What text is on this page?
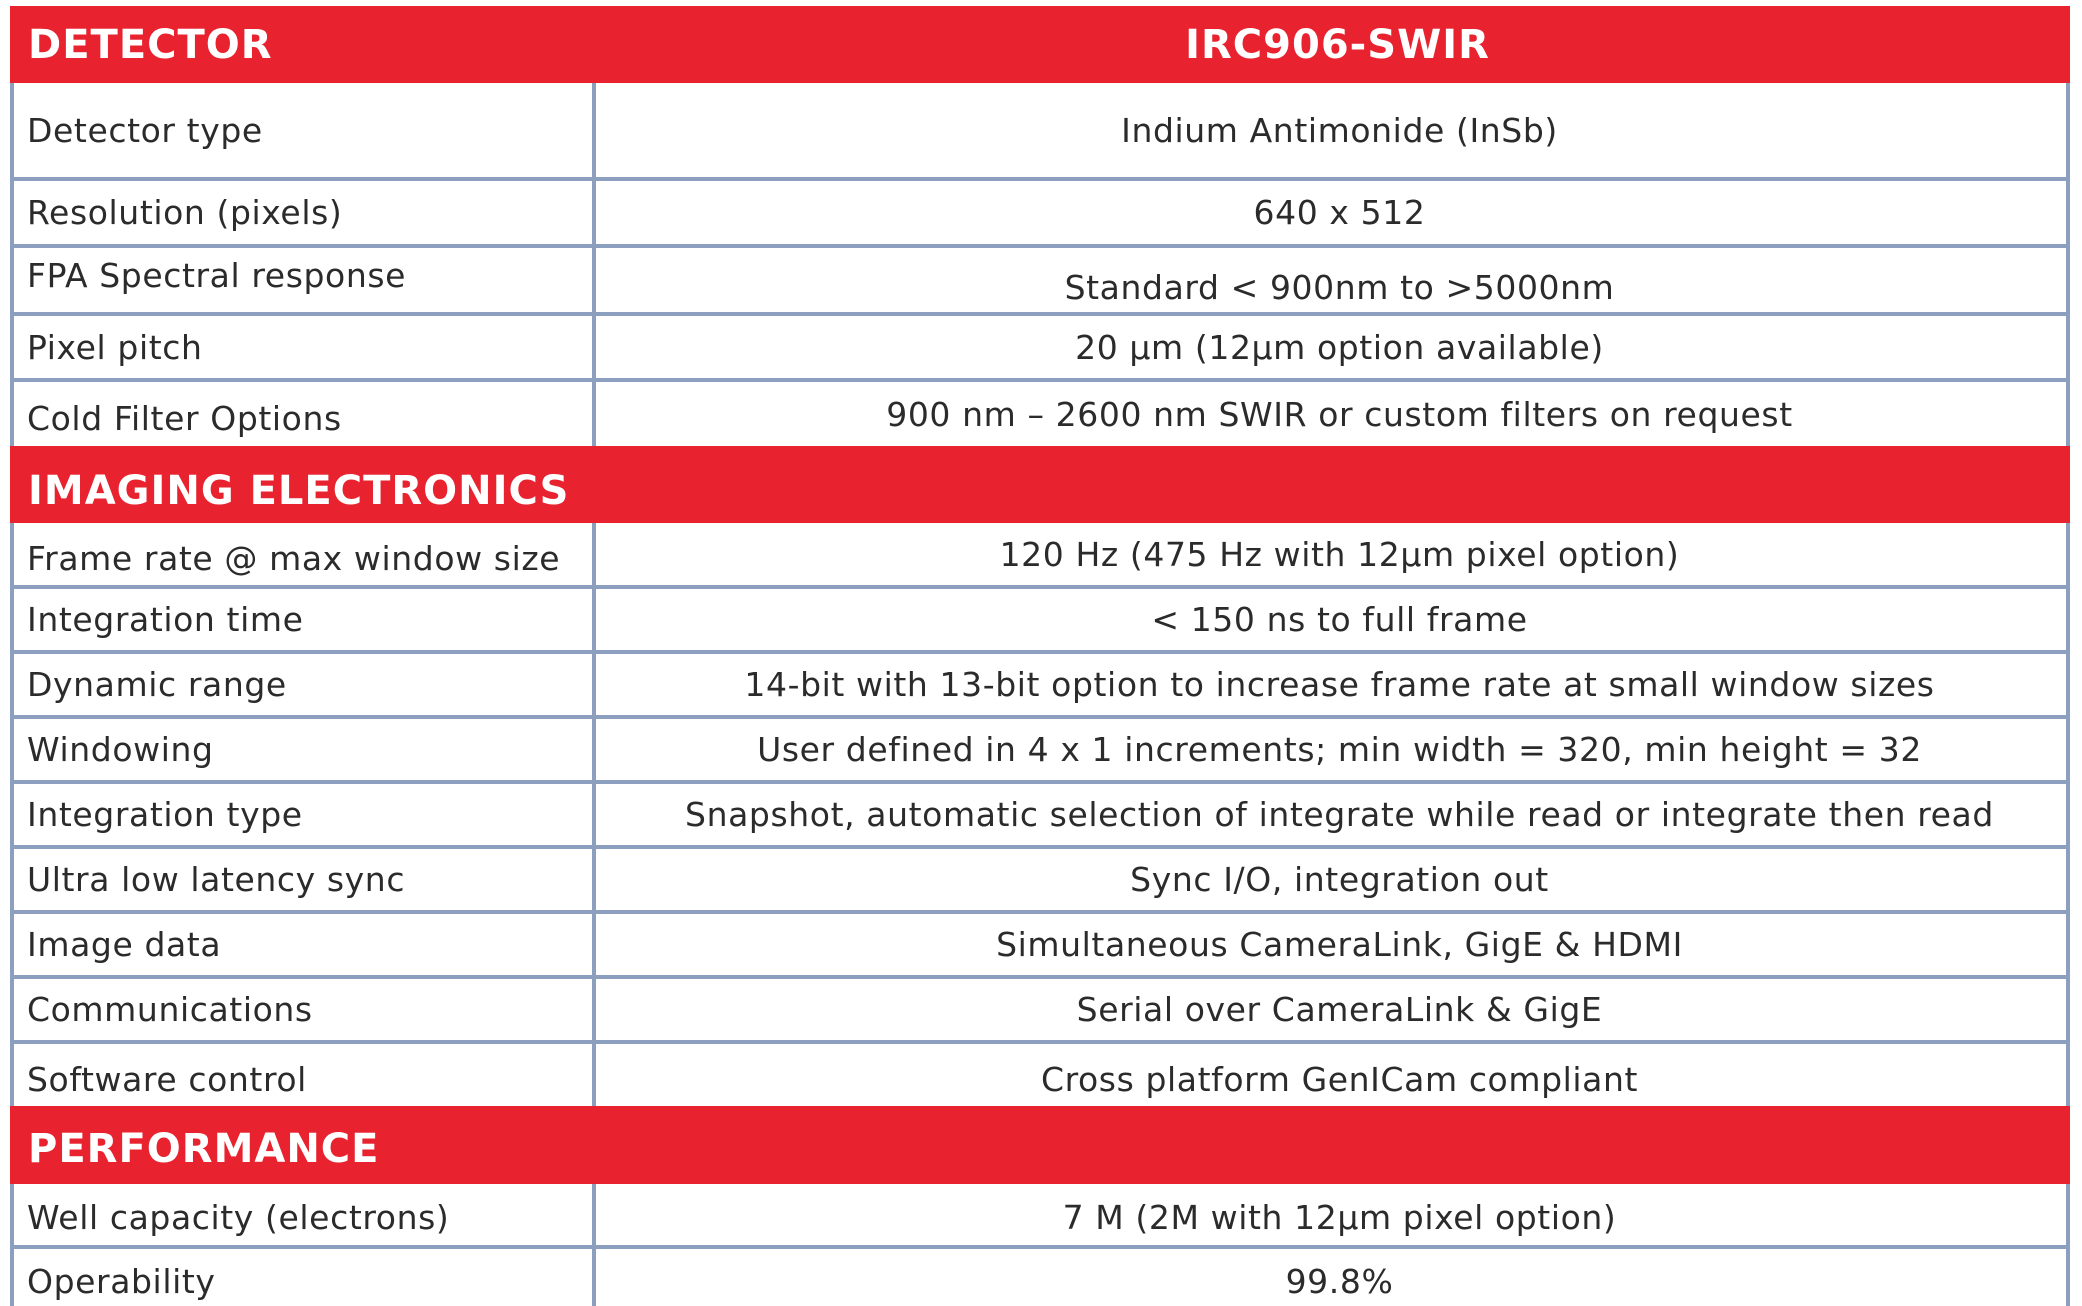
DETECTOR	IRC906-SWIR
Detector type	Indium Antimonide (InSb)
Resolution (pixels)	640 x 512
FPA Spectral response	Standard < 900nm to >5000nm
Pixel pitch	20 µm (12µm option available)
Cold Filter Options	900 nm – 2600 nm SWIR or custom filters on request
IMAGING ELECTRONICS
Frame rate @ max window size	120 Hz (475 Hz with 12µm pixel option)
Integration time	< 150 ns to full frame
Dynamic range	14-bit with 13-bit option to increase frame rate at small window sizes
Windowing	User defined in 4 x 1 increments; min width = 320, min height = 32
Integration type	Snapshot, automatic selection of integrate while read or integrate then read
Ultra low latency sync	Sync I/O, integration out
Image data	Simultaneous CameraLink, GigE & HDMI
Communications	Serial over CameraLink & GigE
Software control	Cross platform GenICam compliant
PERFORMANCE
Well capacity (electrons)	7 M (2M with 12µm pixel option)
Operability	99.8%
